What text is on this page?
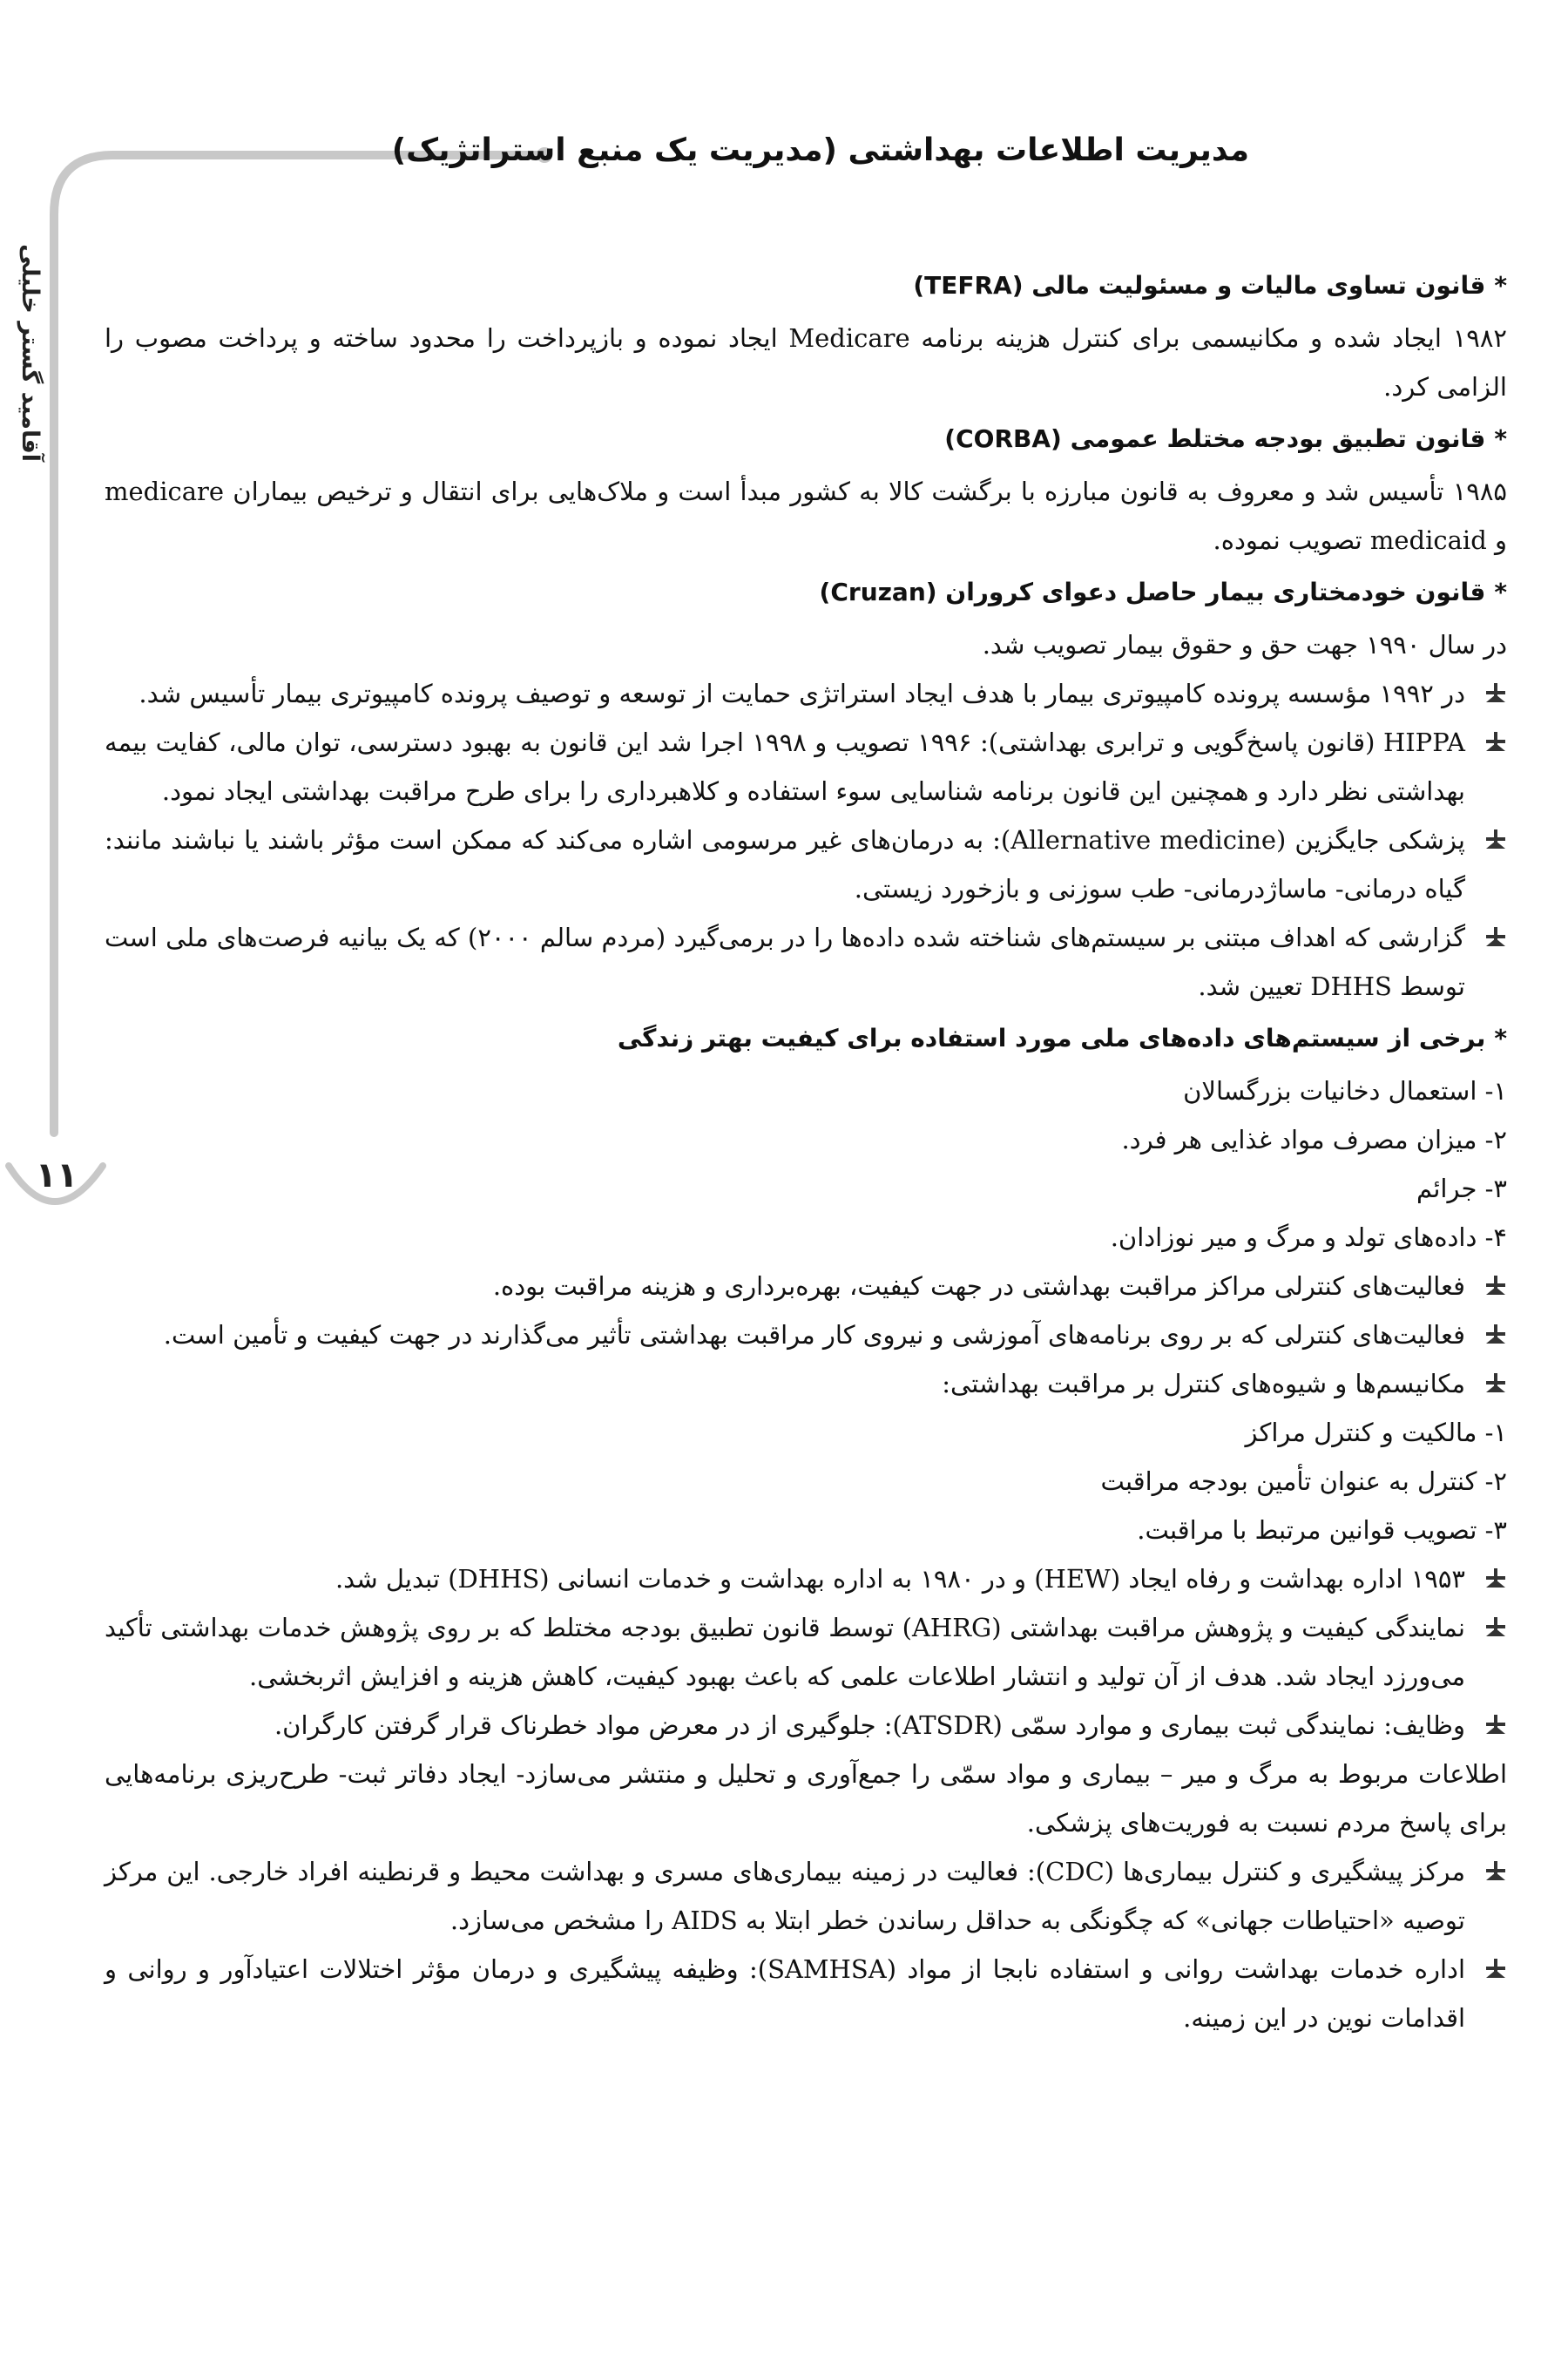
مدیریت اطلاعات بهداشتی (مدیریت یک منبع استراتژیک)
آقامید گستر خلیلی
۱۱
*قانون تساوی مالیات و مسئولیت مالی (TEFRA)

۱۹۸۲ ایجاد شده و مکانیسمی برای کنترل هزینه برنامه Medicare ایجاد نموده و بازپرداخت را محدود ساخته و پرداخت مصوب را الزامی کرد.

*قانون تطبیق بودجه مختلط عمومی (CORBA)

۱۹۸۵ تأسیس شد و معروف به قانون مبارزه با برگشت کالا به کشور مبدأ است و ملاک‌هایی برای انتقال و ترخیص بیماران medicare و medicaid تصویب نموده.

*قانون خودمختاری بیمار حاصل دعوای کروران (Cruzan)

در سال ۱۹۹۰ جهت حق و حقوق بیمار تصویب شد.

در ۱۹۹۲ مؤسسه پرونده کامپیوتری بیمار با هدف ایجاد استراتژی حمایت از توسعه و توصیف پرونده کامپیوتری بیمار تأسیس شد.
HIPPA (قانون پاسخ‌گویی و ترابری بهداشتی): ۱۹۹۶ تصویب و ۱۹۹۸ اجرا شد این قانون به بهبود دسترسی، توان مالی، کفایت بیمه بهداشتی نظر دارد و همچنین این قانون برنامه شناسایی سوء استفاده و کلاهبرداری را برای طرح مراقبت بهداشتی ایجاد نمود.
پزشکی جایگزین (Allernative medicine): به درمان‌های غیر مرسومی اشاره می‌کند که ممکن است مؤثر باشند یا نباشند مانند: گیاه درمانی- ماساژدرمانی- طب سوزنی و بازخورد زیستی.
گزارشی که اهداف مبتنی بر سیستم‌های شناخته شده داده‌ها را در برمی‌گیرد (مردم سالم ۲۰۰۰) که یک بیانیه فرصت‌های ملی است توسط DHHS تعیین شد.
*برخی از سیستم‌های داده‌های ملی مورد استفاده برای کیفیت بهتر زندگی
۱- استعمال دخانیات بزرگسالان
۲- میزان مصرف مواد غذایی هر فرد.
۳- جرائم
۴- داده‌های تولد و مرگ و میر نوزادان.
فعالیت‌های کنترلی مراکز مراقبت بهداشتی در جهت کیفیت، بهره‌برداری و هزینه مراقبت بوده.
فعالیت‌های کنترلی که بر روی برنامه‌های آموزشی و نیروی کار مراقبت بهداشتی تأثیر می‌گذارند در جهت کیفیت و تأمین است.
مکانیسم‌ها و شیوه‌های کنترل بر مراقبت بهداشتی:
۱- مالکیت و کنترل مراکز
۲- کنترل به عنوان تأمین بودجه مراقبت
۳- تصویب قوانین مرتبط با مراقبت.
۱۹۵۳ اداره بهداشت و رفاه ایجاد (HEW) و در ۱۹۸۰ به اداره بهداشت و خدمات انسانی (DHHS) تبدیل شد.
نمایندگی کیفیت و پژوهش مراقبت بهداشتی (AHRG) توسط قانون تطبیق بودجه مختلط که بر روی پژوهش خدمات بهداشتی تأکید می‌ورزد ایجاد شد. هدف از آن تولید و انتشار اطلاعات علمی که باعث بهبود کیفیت، کاهش هزینه و افزایش اثربخشی.
وظایف: نمایندگی ثبت بیماری و موارد سمّی (ATSDR): جلوگیری از در معرض مواد خطرناک قرار گرفتن کارگران.

اطلاعات مربوط به مرگ و میر – بیماری و مواد سمّی را جمع‌آوری و تحلیل و منتشر می‌سازد- ایجاد دفاتر ثبت- طرح‌ریزی برنامه‌هایی برای پاسخ مردم نسبت به فوریت‌های پزشکی.

مرکز پیشگیری و کنترل بیماری‌ها (CDC): فعالیت در زمینه بیماری‌های مسری و بهداشت محیط و قرنطینه افراد خارجی. این مرکز توصیه «احتیاطات جهانی» که چگونگی به حداقل رساندن خطر ابتلا به AIDS را مشخص می‌سازد.
اداره خدمات بهداشت روانی و استفاده نابجا از مواد (SAMHSA): وظیفه پیشگیری و درمان مؤثر اختلالات اعتیادآور و روانی و اقدامات نوین در این زمینه.
